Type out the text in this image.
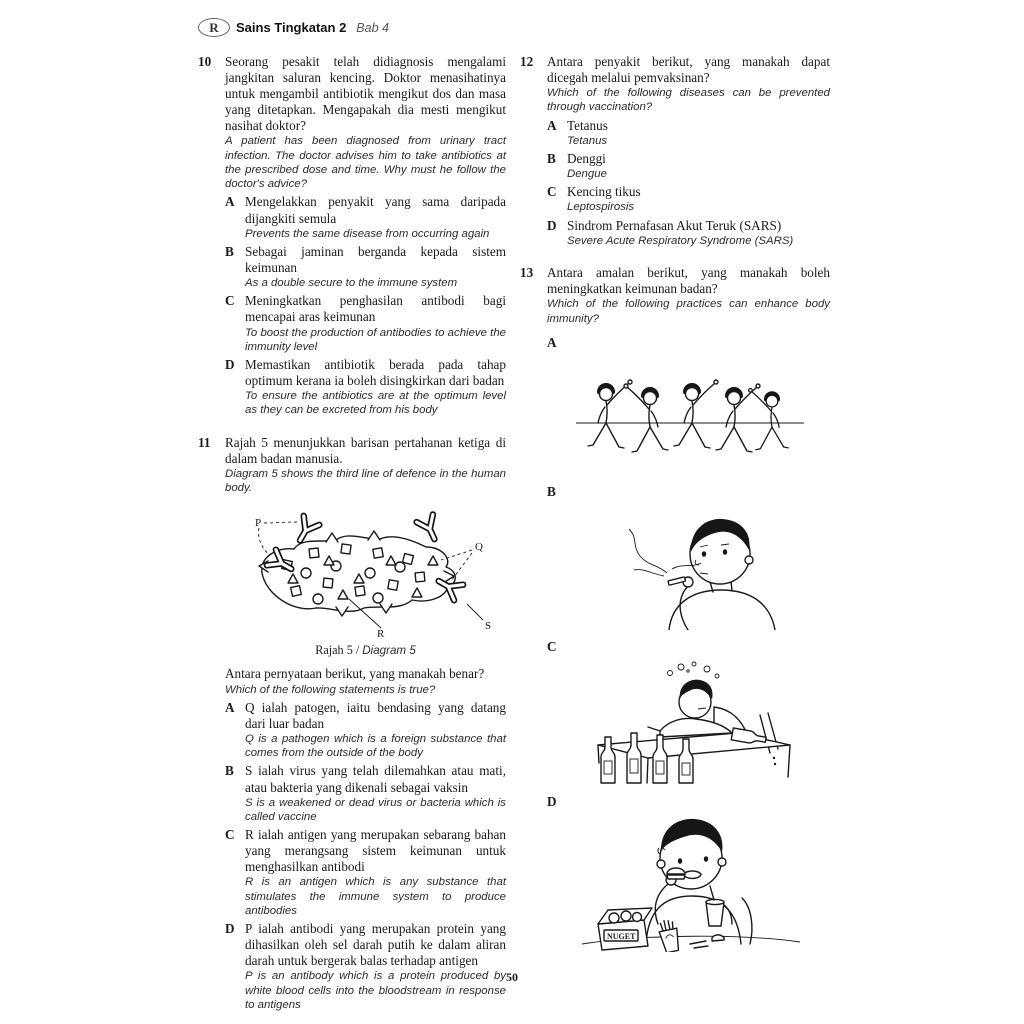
R	Sains Tingkatan 2 Bab 4
10	Seorang pesakit telah didiagnosis mengalami jangkitan saluran kencing. Doktor menasihatinya untuk mengambil antibiotik mengikut dos dan masa yang ditetapkan. Mengapakah dia mesti mengikut nasihat doktor?
A patient has been diagnosed from urinary tract infection. The doctor advises him to take antibiotics at the prescribed dose and time. Why must he follow the doctor's advice?
A Mengelakkan penyakit yang sama daripada dijangkiti semula
Prevents the same disease from occurring again
B Sebagai jaminan berganda kepada sistem keimunan
As a double secure to the immune system
C Meningkatkan penghasilan antibodi bagi mencapai aras keimunan
To boost the production of antibodies to achieve the immunity level
D Memastikan antibiotik berada pada tahap optimum kerana ia boleh disingkirkan dari badan
To ensure the antibiotics are at the optimum level as they can be excreted from his body
11	Rajah 5 menunjukkan barisan pertahanan ketiga di dalam badan manusia.
Diagram 5 shows the third line of defence in the human body.
P
Q
R
S
Rajah 5 / Diagram 5
Antara pernyataan berikut, yang manakah benar?
Which of the following statements is true?
A Q ialah patogen, iaitu bendasing yang datang dari luar badan
Q is a pathogen which is a foreign substance that comes from the outside of the body
B S ialah virus yang telah dilemahkan atau mati, atau bakteria yang dikenali sebagai vaksin
S is a weakened or dead virus or bacteria which is called vaccine
C R ialah antigen yang merupakan sebarang bahan yang merangsang sistem keimunan untuk menghasilkan antibodi
R is an antigen which is any substance that stimulates the immune system to produce antibodies
D P ialah antibodi yang merupakan protein yang dihasilkan oleh sel darah putih ke dalam aliran darah untuk bergerak balas terhadap antigen
P is an antibody which is a protein produced by white blood cells into the bloodstream in response to antigens
12	Antara penyakit berikut, yang manakah dapat dicegah melalui pemvaksinan?
Which of the following diseases can be prevented through vaccination?
A Tetanus
Tetanus
B Denggi
Dengue
C Kencing tikus
Leptospirosis
D Sindrom Pernafasan Akut Teruk (SARS)
Severe Acute Respiratory Syndrome (SARS)
13	Antara amalan berikut, yang manakah boleh meningkatkan keimunan badan?
Which of the following practices can enhance body immunity?
A
B
C
D
NUGET
50
